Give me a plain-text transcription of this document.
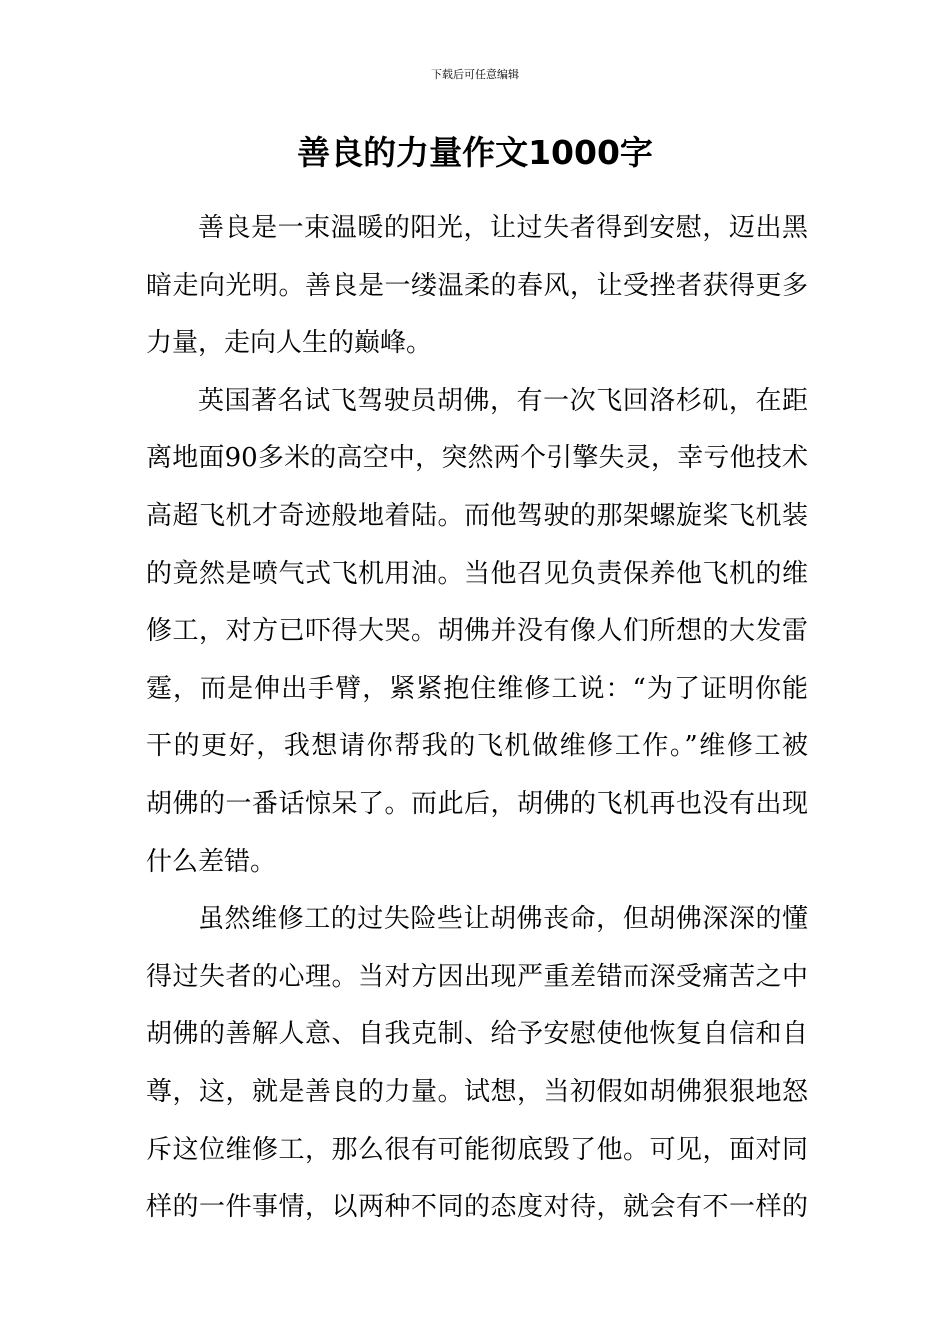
下载后可任意编辑
善良的力量作文1000字
善良是一束温暖的阳光，让过失者得到安慰，迈出黑
暗走向光明。善良是一缕温柔的春风，让受挫者获得更多
力量，走向人生的巅峰。
英国著名试飞驾驶员胡佛，有一次飞回洛杉矶，在距
离地面90多米的高空中，突然两个引擎失灵，幸亏他技术
高超飞机才奇迹般地着陆。而他驾驶的那架螺旋桨飞机装
的竟然是喷气式飞机用油。当他召见负责保养他飞机的维
修工，对方已吓得大哭。胡佛并没有像人们所想的大发雷
霆，而是伸出手臂，紧紧抱住维修工说：“为了证明你能
干的更好，我想请你帮我的飞机做维修工作。”维修工被
胡佛的一番话惊呆了。而此后，胡佛的飞机再也没有出现
什么差错。
虽然维修工的过失险些让胡佛丧命，但胡佛深深的懂
得过失者的心理。当对方因出现严重差错而深受痛苦之中
胡佛的善解人意、自我克制、给予安慰使他恢复自信和自
尊，这，就是善良的力量。试想，当初假如胡佛狠狠地怒
斥这位维修工，那么很有可能彻底毁了他。可见，面对同
样的一件事情，以两种不同的态度对待，就会有不一样的
